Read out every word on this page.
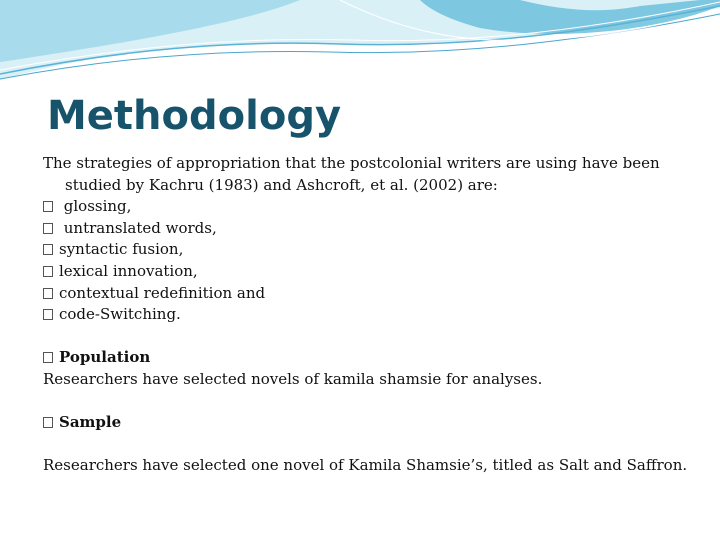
Methodology

The strategies of appropriation that the postcolonial writers are using have been studied by Kachru (1983) and Ashcroft, et al. (2002) are:

glossing,
untranslated words,
syntactic fusion,
lexical innovation,
contextual redefinition and
code-Switching.
Population

Researchers have selected novels of kamila shamsie for analyses.

Sample

Researchers have selected one novel of Kamila Shamsie’s, titled as Salt and Saffron.
